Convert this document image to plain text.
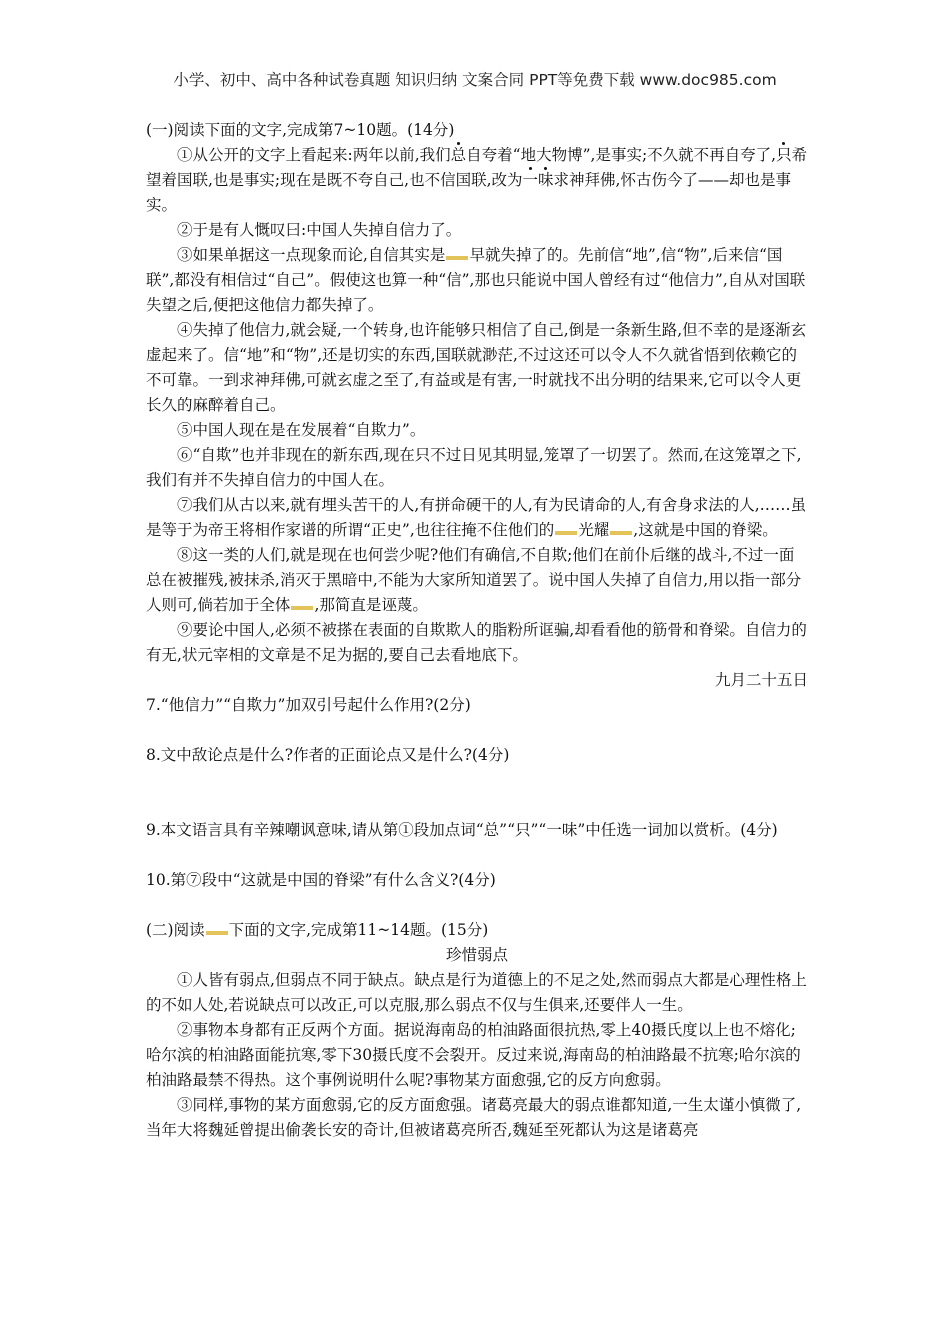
小学、初中、高中各种试卷真题 知识归纳 文案合同 PPT等免费下载 www.doc985.com

(一)阅读下面的文字,完成第7~10题。(14分)

①从公开的文字上看起来:两年以前,我们总自夸着“地大物博”,是事实;不久就不再自夸了,只希望着国联,也是事实;现在是既不夸自己,也不信国联,改为一味求神拜佛,怀古伤今了——却也是事实。

②于是有人慨叹曰:中国人失掉自信力了。

③如果单据这一点现象而论,自信其实是 早就失掉了的。先前信“地”,信“物”,后来信“国联”,都没有相信过“自己”。假使这也算一种“信”,那也只能说中国人曾经有过“他信力”,自从对国联失望之后,便把这他信力都失掉了。

④失掉了他信力,就会疑,一个转身,也许能够只相信了自己,倒是一条新生路,但不幸的是逐渐玄虚起来了。信“地”和“物”,还是切实的东西,国联就渺茫,不过这还可以令人不久就省悟到依赖它的不可靠。一到求神拜佛,可就玄虚之至了,有益或是有害,一时就找不出分明的结果来,它可以令人更长久的麻醉着自己。

⑤中国人现在是在发展着“自欺力”。

⑥“自欺”也并非现在的新东西,现在只不过日见其明显,笼罩了一切罢了。然而,在这笼罩之下,我们有并不失掉自信力的中国人在。

⑦我们从古以来,就有埋头苦干的人,有拼命硬干的人,有为民请命的人,有舍身求法的人,……虽是等于为帝王将相作家谱的所谓“正史”,也往往掩不住他们的 光耀 ,这就是中国的脊梁。

⑧这一类的人们,就是现在也何尝少呢?他们有确信,不自欺;他们在前仆后继的战斗,不过一面总在被摧残,被抹杀,消灭于黑暗中,不能为大家所知道罢了。说中国人失掉了自信力,用以指一部分人则可,倘若加于全体 ,那简直是诬蔑。

⑨要论中国人,必须不被搽在表面的自欺欺人的脂粉所诓骗,却看看他的筋骨和脊梁。自信力的有无,状元宰相的文章是不足为据的,要自己去看地底下。

九月二十五日

7.“他信力”“自欺力”加双引号起什么作用?(2分)

8.文中敌论点是什么?作者的正面论点又是什么?(4分)

9.本文语言具有辛辣嘲讽意味,请从第①段加点词“总”“只”“一味”中任选一词加以赏析。(4分)

10.第⑦段中“这就是中国的脊梁”有什么含义?(4分)

(二)阅读 下面的文字,完成第11~14题。(15分)

珍惜弱点

①人皆有弱点,但弱点不同于缺点。缺点是行为道德上的不足之处,然而弱点大都是心理性格上的不如人处,若说缺点可以改正,可以克服,那么弱点不仅与生俱来,还要伴人一生。

②事物本身都有正反两个方面。据说海南岛的柏油路面很抗热,零上40摄氏度以上也不熔化;哈尔滨的柏油路面能抗寒,零下30摄氏度不会裂开。反过来说,海南岛的柏油路最不抗寒;哈尔滨的柏油路最禁不得热。这个事例说明什么呢?事物某方面愈强,它的反方向愈弱。

③同样,事物的某方面愈弱,它的反方面愈强。诸葛亮最大的弱点谁都知道,一生太谨小慎微了,当年大将魏延曾提出偷袭长安的奇计,但被诸葛亮所否,魏延至死都认为这是诸葛亮
